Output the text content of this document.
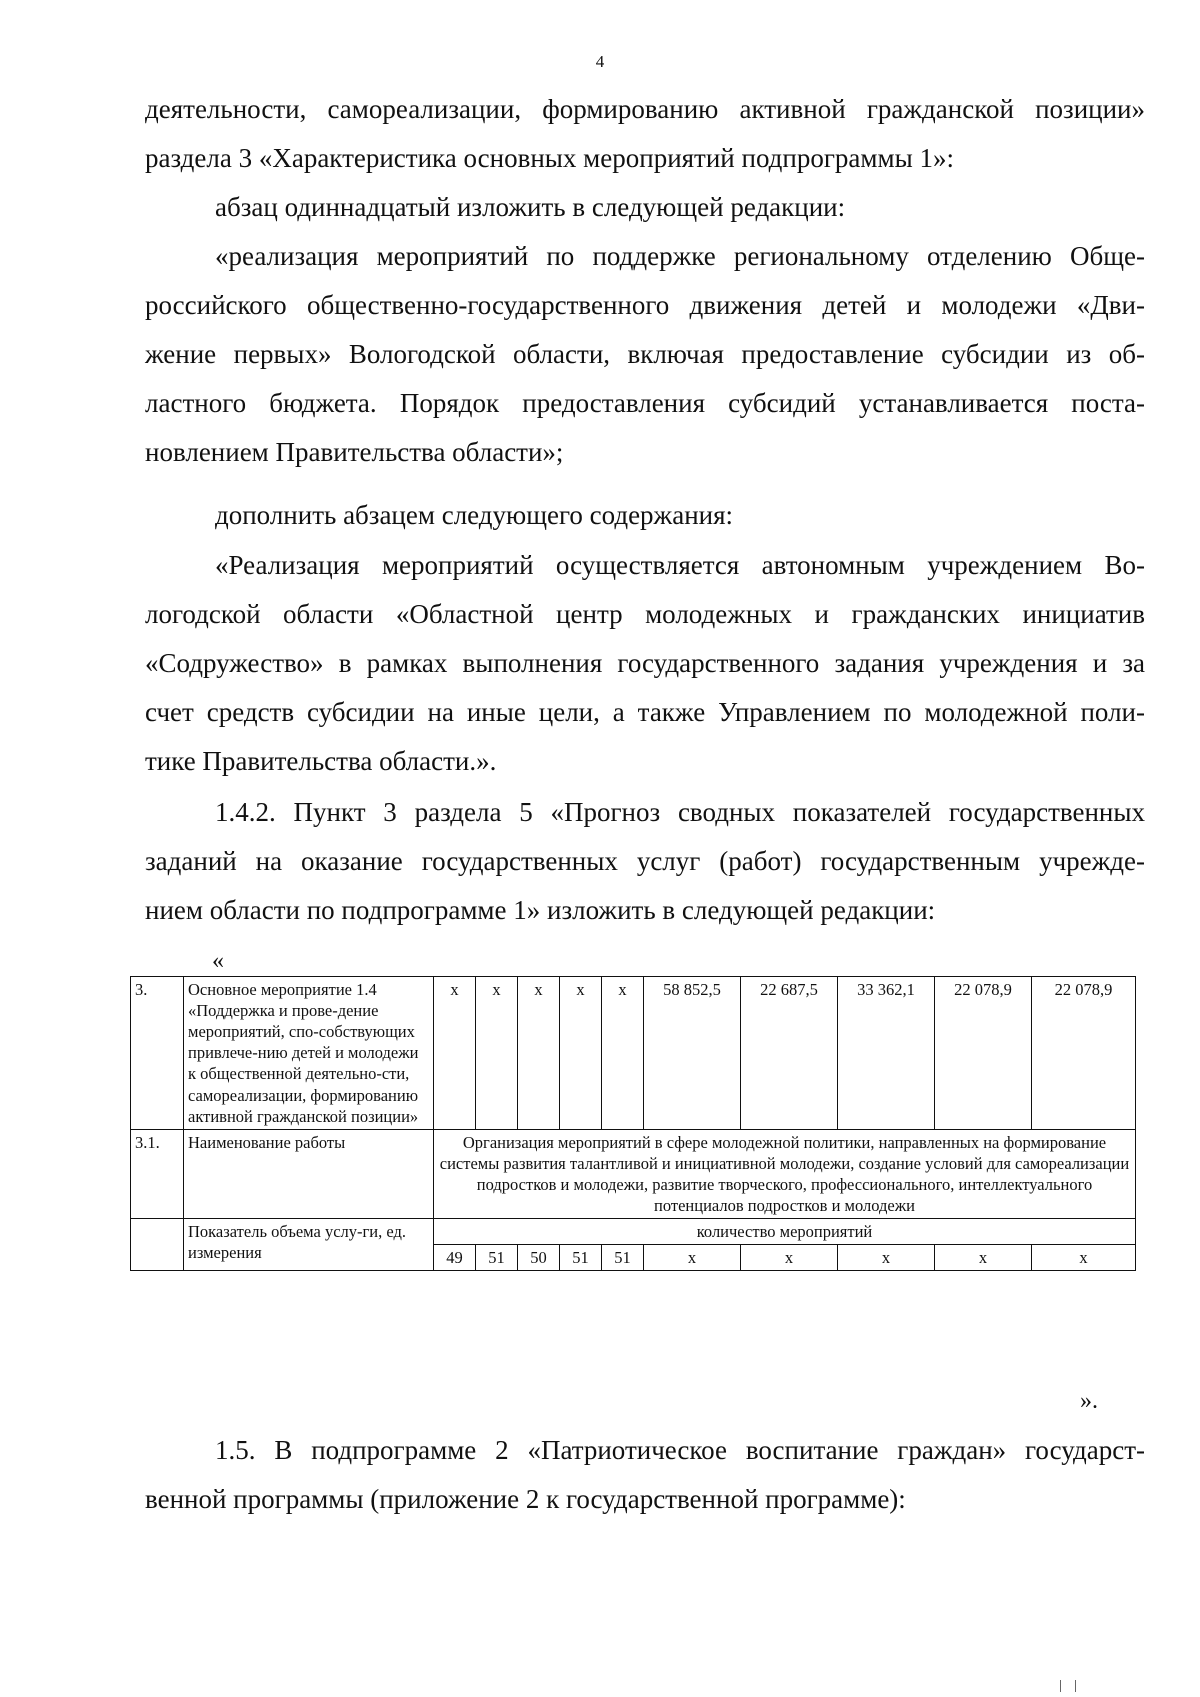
4
деятельности, самореализации, формированию активной гражданской позиции»
раздела 3 «Характеристика основных мероприятий подпрограммы 1»:
абзац одиннадцатый изложить в следующей редакции:
«реализация мероприятий по поддержке региональному отделению Обще-
российского общественно-государственного движения детей и молодежи «Дви-
жение первых» Вологодской области, включая предоставление субсидии из об-
ластного бюджета. Порядок предоставления субсидий устанавливается поста-
новлением Правительства области»;
дополнить абзацем следующего содержания:
«Реализация мероприятий осуществляется автономным учреждением Во-
логодской области «Областной центр молодежных и гражданских инициатив
«Содружество» в рамках выполнения государственного задания учреждения и за
счет средств субсидии на иные цели, а также Управлением по молодежной поли-
тике Правительства области.».
1.4.2. Пункт 3 раздела 5 «Прогноз сводных показателей государственных
заданий на оказание государственных услуг (работ) государственным учрежде-
нием области по подпрограмме 1» изложить в следующей редакции:
«
3.	Основное мероприятие 1.4 «Поддержка и прове-дение мероприятий, спо-собствующих привлече-нию детей и молодежи к общественной деятельно-сти, самореализации, формированию активной гражданской позиции»	х	х	х	х	х	58 852,5	22 687,5	33 362,1	22 078,9	22 078,9
3.1.	Наименование работы	Организация мероприятий в сфере молодежной политики, направленных на формирование системы развития талантливой и инициативной молодежи, создание условий для самореализации подростков и молодежи, развитие творческого, профессионального, интеллектуального потенциалов подростков и молодежи									
	Показатель объема услу-ги, ед. измерения	количество мероприятий									
		49	51	50	51	51	х	х	х	х	х
».
1.5. В подпрограмме 2 «Патриотическое воспитание граждан» государст-
венной программы (приложение 2 к государственной программе):
